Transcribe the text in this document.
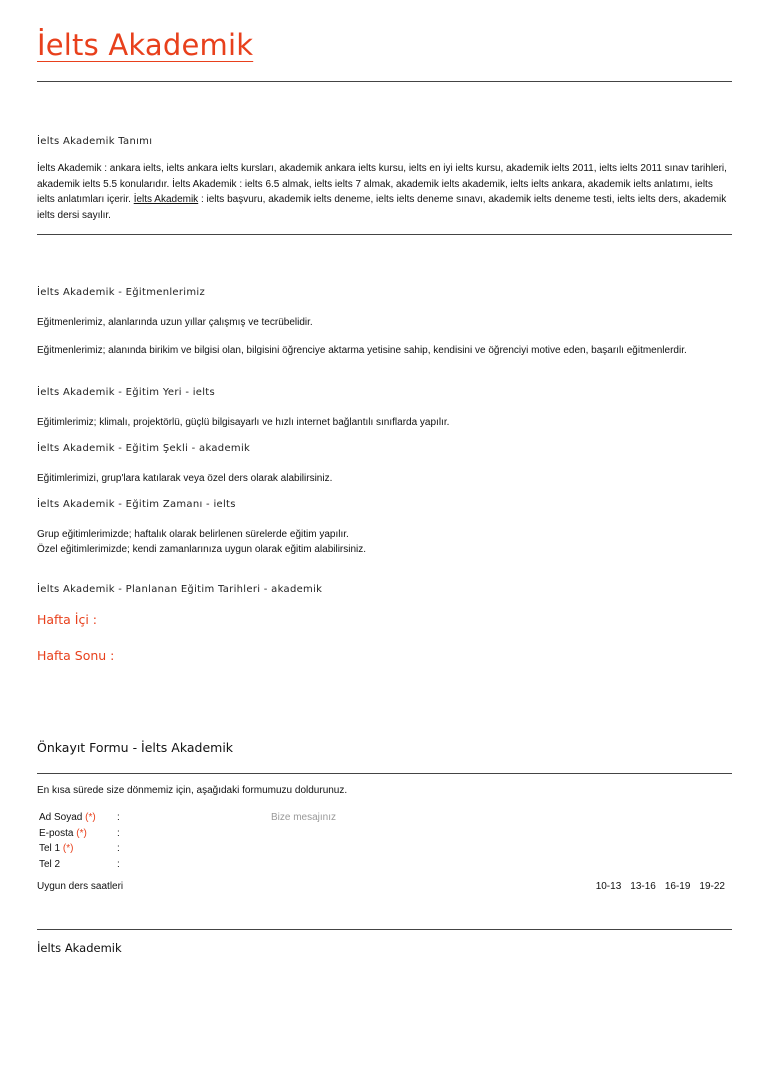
İelts Akademik
İelts Akademik Tanımı
İelts Akademik : ankara ielts, ielts ankara ielts kursları, akademik ankara ielts kursu, ielts en iyi ielts kursu, akademik ielts 2011, ielts ielts 2011 sınav tarihleri, akademik ielts 5.5 konularıdır. İelts Akademik : ielts 6.5 almak, ielts ielts 7 almak, akademik ielts akademik, ielts ielts ankara, akademik ielts anlatımı, ielts ielts anlatımları içerir. İelts Akademik : ielts başvuru, akademik ielts deneme, ielts ielts deneme sınavı, akademik ielts deneme testi, ielts ielts ders, akademik ielts dersi sayılır.
İelts Akademik - Eğitmenlerimiz
Eğitmenlerimiz, alanlarında uzun yıllar çalışmış ve tecrübelidir.
Eğitmenlerimiz; alanında birikim ve bilgisi olan, bilgisini öğrenciye aktarma yetisine sahip, kendisini ve öğrenciyi motive eden, başarılı eğitmenlerdir.
İelts Akademik - Eğitim Yeri - ielts
Eğitimlerimiz; klimalı, projektörlü, güçlü bilgisayarlı ve hızlı internet bağlantılı sınıflarda yapılır.
İelts Akademik - Eğitim Şekli - akademik
Eğitimlerimizi, grup'lara katılarak veya özel ders olarak alabilirsiniz.
İelts Akademik - Eğitim Zamanı - ielts
Grup eğitimlerimizde; haftalık olarak belirlenen sürelerde eğitim yapılır.
Özel eğitimlerimizde; kendi zamanlarınıza uygun olarak eğitim alabilirsiniz.
İelts Akademik - Planlanan Eğitim Tarihleri - akademik
Hafta İçi :
Hafta Sonu :
Önkayıt Formu - İelts Akademik
En kısa sürede size dönmemiz için, aşağıdaki formumuzu doldurunuz.
Ad Soyad (*) :
E-posta (*)	:
Tel 1 (*)	:
Tel 2	:
Bize mesajınız
Uygun ders saatleri	10-13 13-16 16-19 19-22
İelts Akademik
